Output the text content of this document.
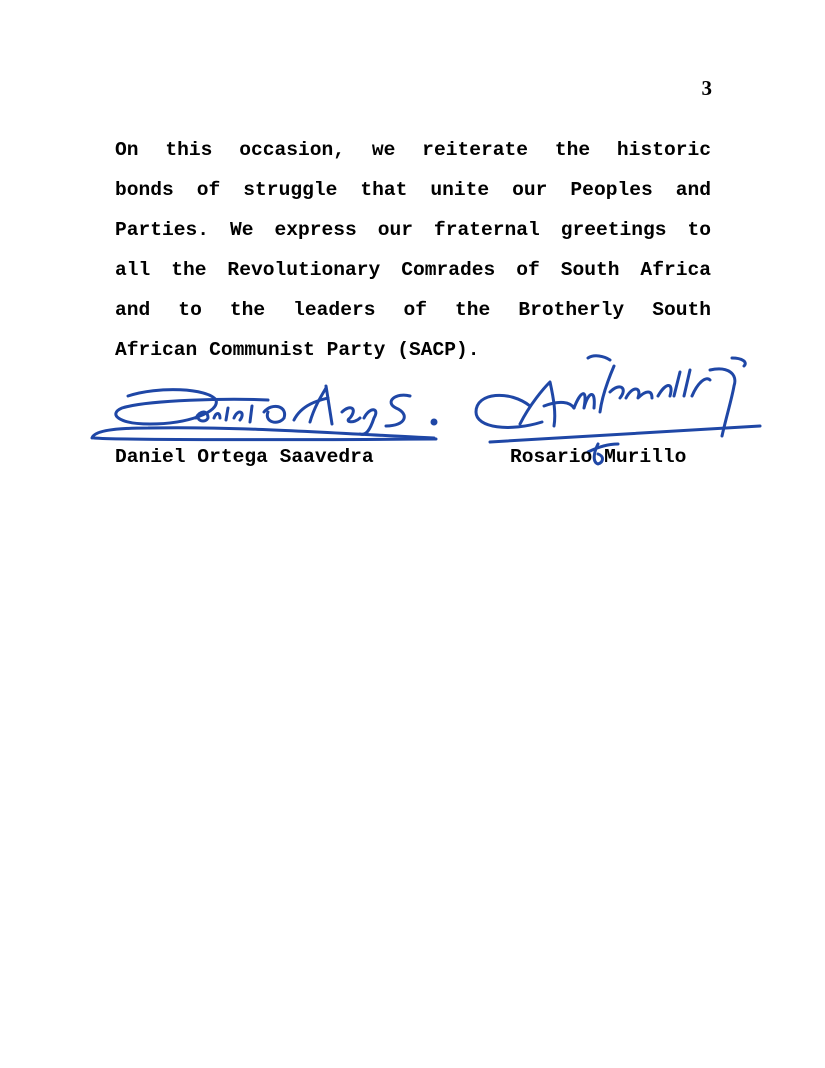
3
On this occasion, we reiterate the historic
bonds of struggle that unite our Peoples and
Parties. We express our fraternal greetings to
all the Revolutionary Comrades of South Africa
and to the leaders of the Brotherly South
African Communist Party (SACP).
Daniel Ortega Saavedra	Rosario Murillo
